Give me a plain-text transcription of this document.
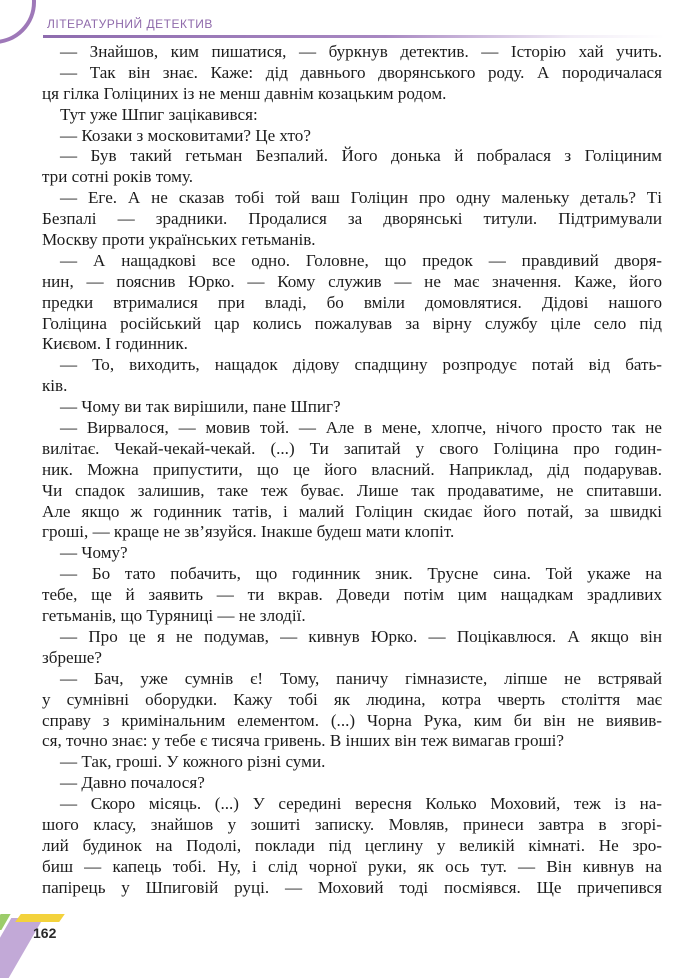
ЛІТЕРАТУРНИЙ ДЕТЕКТИВ
— Знайшов, ким пишатися, — буркнув детектив. — Історію хай учить.
— Так він знає. Каже: дід давнього дворянського роду. А породичалася
ця гілка Голіциних із не менш давнім козацьким родом.
Тут уже Шпиг зацікавився:
— Козаки з московитами? Це хто?
— Був такий гетьман Безпалий. Його донька й побралася з Голіциним
три сотні років тому.
— Еге. А не сказав тобі той ваш Голіцин про одну маленьку деталь? Ті
Безпалі — зрадники. Продалися за дворянські титули. Підтримували
Москву проти українських гетьманів.
— А нащадкові все одно. Головне, що предок — правдивий дворя-
нин, — пояснив Юрко. — Кому служив — не має значення. Каже, його
предки втрималися при владі, бо вміли домовлятися. Дідові нашого
Голіцина російський цар колись пожалував за вірну службу ціле село під
Києвом. І годинник.
— То, виходить, нащадок дідову спадщину розпродує потай від бать-
ків.
— Чому ви так вирішили, пане Шпиг?
— Вирвалося, — мовив той. — Але в мене, хлопче, нічого просто так не
вилітає. Чекай-чекай-чекай. (...) Ти запитай у свого Голіцина про годин-
ник. Можна припустити, що це його власний. Наприклад, дід подарував.
Чи спадок залишив, таке теж буває. Лише так продаватиме, не спитавши.
Але якщо ж годинник татів, і малий Голіцин скидає його потай, за швидкі
гроші, — краще не зв’язуйся. Інакше будеш мати клопіт.
— Чому?
— Бо тато побачить, що годинник зник. Трусне сина. Той укаже на
тебе, ще й заявить — ти вкрав. Доведи потім цим нащадкам зрадливих
гетьманів, що Туряниці — не злодії.
— Про це я не подумав, — кивнув Юрко. — Поцікавлюся. А якщо він
збреше?
— Бач, уже сумнів є! Тому, паничу гімназисте, ліпше не встрявай
у сумнівні оборудки. Кажу тобі як людина, котра чверть століття має
справу з кримінальним елементом. (...) Чорна Рука, ким би він не виявив-
ся, точно знає: у тебе є тисяча гривень. В інших він теж вимагав гроші?
— Так, гроші. У кожного різні суми.
— Давно почалося?
— Скоро місяць. (...) У середині вересня Колько Моховий, теж із на-
шого класу, знайшов у зошиті записку. Мовляв, принеси завтра в згорі-
лий будинок на Подолі, поклади під цеглину у великій кімнаті. Не зро-
биш — капець тобі. Ну, і слід чорної руки, як ось тут. — Він кивнув на
папірець у Шпиговій руці. — Моховий тоді посміявся. Ще причепився
162
